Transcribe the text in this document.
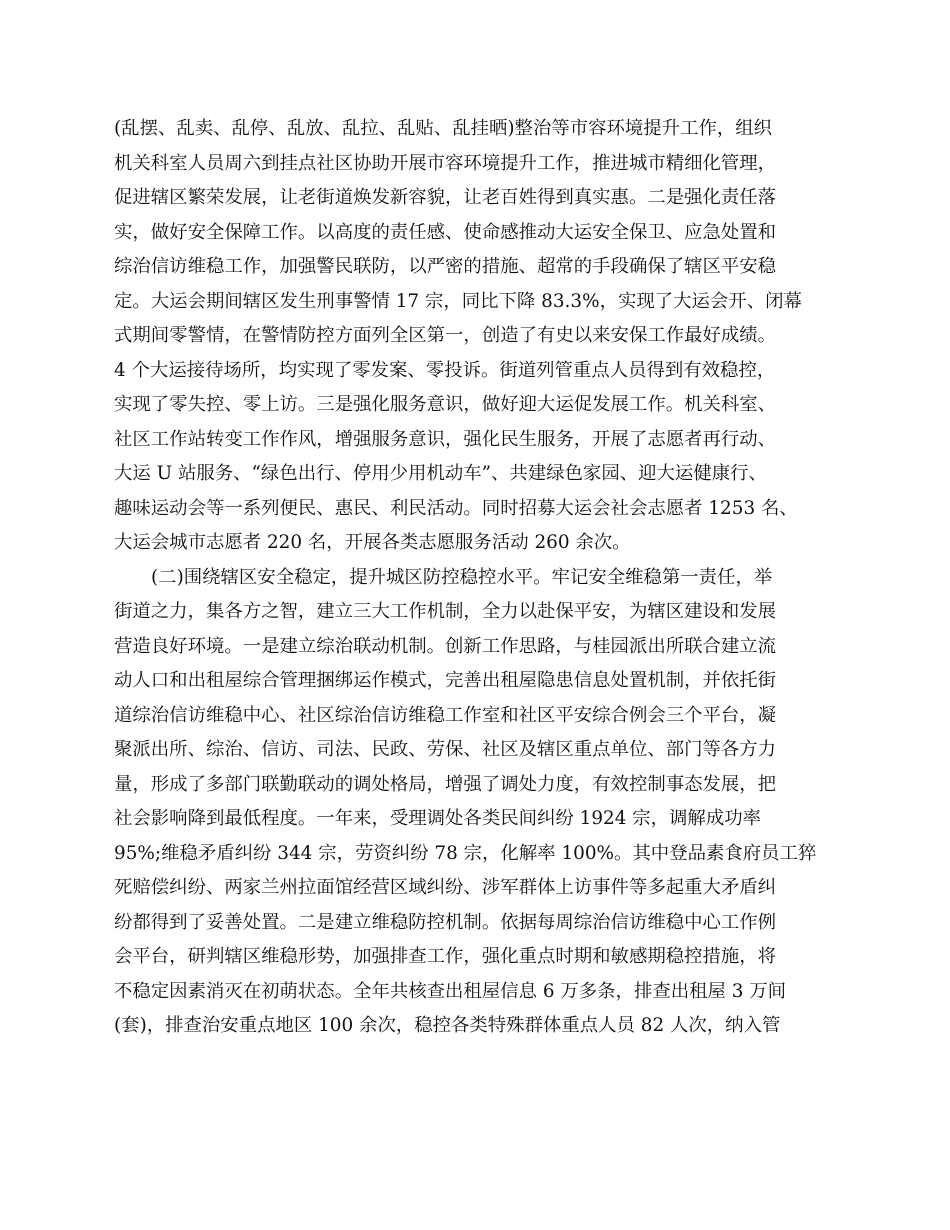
(乱摆、乱卖、乱停、乱放、乱拉、乱贴、乱挂晒)整治等市容环境提升工作，组织
机关科室人员周六到挂点社区协助开展市容环境提升工作，推进城市精细化管理，
促进辖区繁荣发展，让老街道焕发新容貌，让老百姓得到真实惠。二是强化责任落
实，做好安全保障工作。以高度的责任感、使命感推动大运安全保卫、应急处置和
综治信访维稳工作，加强警民联防，以严密的措施、超常的手段确保了辖区平安稳
定。大运会期间辖区发生刑事警情 17 宗，同比下降 83.3%，实现了大运会开、闭幕
式期间零警情，在警情防控方面列全区第一，创造了有史以来安保工作最好成绩。
4 个大运接待场所，均实现了零发案、零投诉。街道列管重点人员得到有效稳控，
实现了零失控、零上访。三是强化服务意识，做好迎大运促发展工作。机关科室、
社区工作站转变工作作风，增强服务意识，强化民生服务，开展了志愿者再行动、
大运 U 站服务、“绿色出行、停用少用机动车”、共建绿色家园、迎大运健康行、
趣味运动会等一系列便民、惠民、利民活动。同时招募大运会社会志愿者 1253 名、
大运会城市志愿者 220 名，开展各类志愿服务活动 260 余次。
(二)围绕辖区安全稳定，提升城区防控稳控水平。牢记安全维稳第一责任，举
街道之力，集各方之智，建立三大工作机制，全力以赴保平安，为辖区建设和发展
营造良好环境。一是建立综治联动机制。创新工作思路，与桂园派出所联合建立流
动人口和出租屋综合管理捆绑运作模式，完善出租屋隐患信息处置机制，并依托街
道综治信访维稳中心、社区综治信访维稳工作室和社区平安综合例会三个平台，凝
聚派出所、综治、信访、司法、民政、劳保、社区及辖区重点单位、部门等各方力
量，形成了多部门联勤联动的调处格局，增强了调处力度，有效控制事态发展，把
社会影响降到最低程度。一年来，受理调处各类民间纠纷 1924 宗，调解成功率
95%;维稳矛盾纠纷 344 宗，劳资纠纷 78 宗，化解率 100%。其中登品素食府员工猝
死赔偿纠纷、两家兰州拉面馆经营区域纠纷、涉军群体上访事件等多起重大矛盾纠
纷都得到了妥善处置。二是建立维稳防控机制。依据每周综治信访维稳中心工作例
会平台，研判辖区维稳形势，加强排查工作，强化重点时期和敏感期稳控措施，将
不稳定因素消灭在初萌状态。全年共核查出租屋信息 6 万多条，排查出租屋 3 万间
(套)，排查治安重点地区 100 余次，稳控各类特殊群体重点人员 82 人次，纳入管
